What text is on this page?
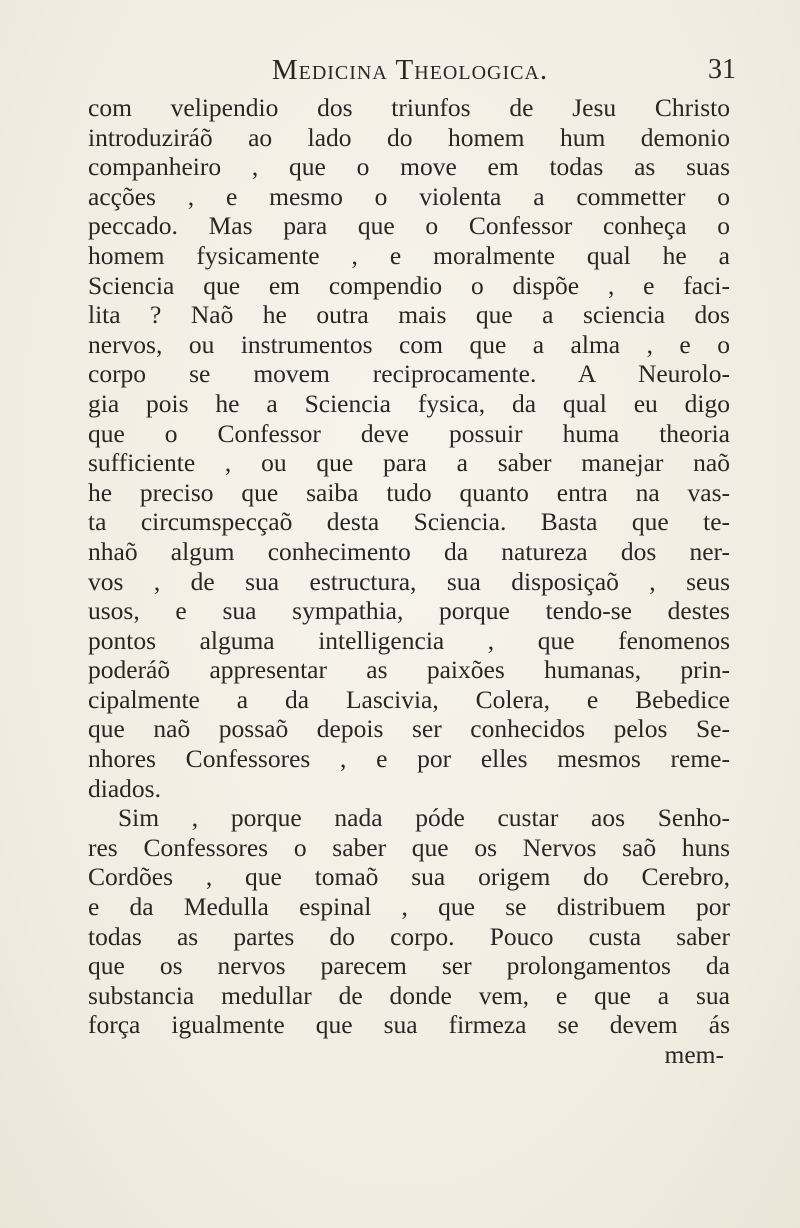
Medicina Theologica.	31
com velipendio dos triunfos de Jesu Christo
introduziráõ ao lado do homem hum demonio
companheiro , que o move em todas as suas
acções , e mesmo o violenta a commetter o
peccado. Mas para que o Confessor conheça o
homem fysicamente , e moralmente qual he a
Sciencia que em compendio o dispõe , e faci-
lita ? Naõ he outra mais que a sciencia dos
nervos, ou instrumentos com que a alma , e o
corpo se movem reciprocamente. A Neurolo-
gia pois he a Sciencia fysica, da qual eu digo
que o Confessor deve possuir huma theoria
sufficiente , ou que para a saber manejar naõ
he preciso que saiba tudo quanto entra na vas-
ta circumspecçaõ desta Sciencia. Basta que te-
nhaõ algum conhecimento da natureza dos ner-
vos , de sua estructura, sua disposiçaõ , seus
usos, e sua sympathia, porque tendo-se destes
pontos alguma intelligencia , que fenomenos
poderáõ appresentar as paixões humanas, prin-
cipalmente a da Lascivia, Colera, e Bebedice
que naõ possaõ depois ser conhecidos pelos Se-
nhores Confessores , e por elles mesmos reme-
diados.
Sim , porque nada póde custar aos Senho-
res Confessores o saber que os Nervos saõ huns
Cordões , que tomaõ sua origem do Cerebro,
e da Medulla espinal , que se distribuem por
todas as partes do corpo. Pouco custa saber
que os nervos parecem ser prolongamentos da
substancia medullar de donde vem, e que a sua
força igualmente que sua firmeza se devem ás
mem-
